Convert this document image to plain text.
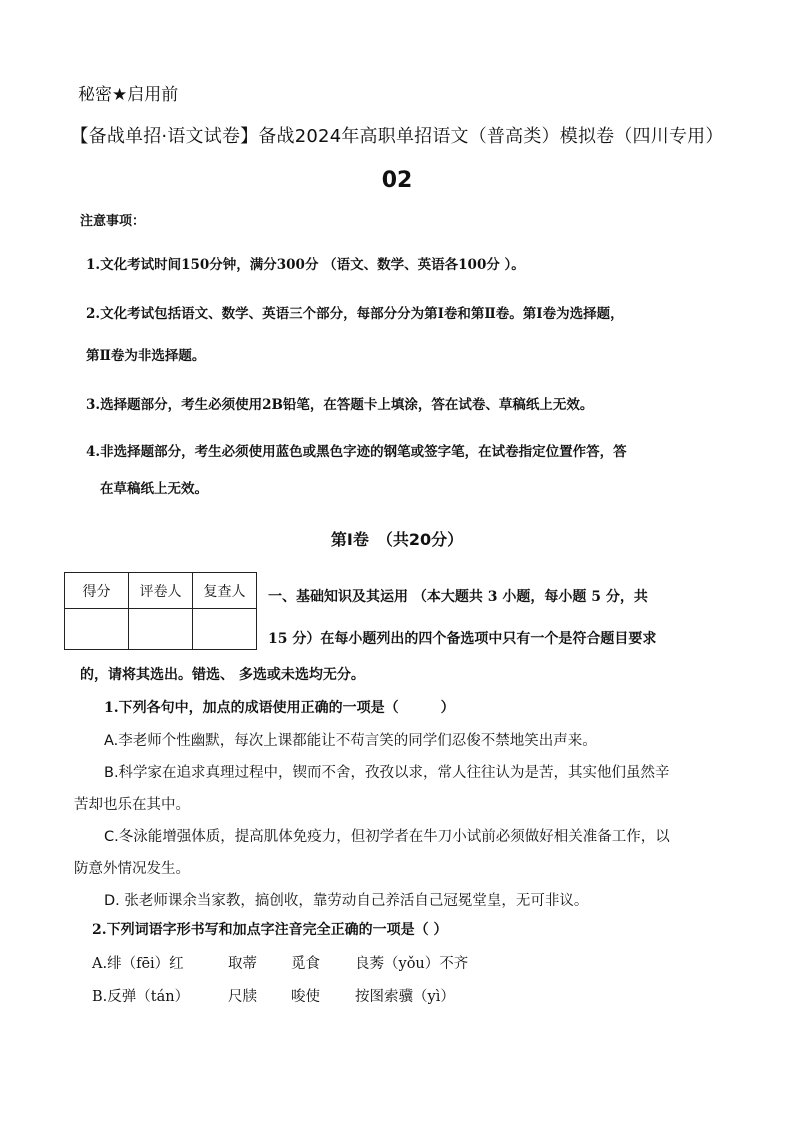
秘密★启用前
【备战单招·语文试卷】备战2024年高职单招语文（普高类）模拟卷（四川专用）
02
注意事项：
1.文化考试时间150分钟，满分300分 （语文、数学、英语各100分 ）。
2.文化考试包括语文、数学、英语三个部分，每部分分为第Ⅰ卷和第Ⅱ卷。第Ⅰ卷为选择题，
第Ⅱ卷为非选择题。
3.选择题部分，考生必须使用2B铅笔，在答题卡上填涂，答在试卷、草稿纸上无效。
4.非选择题部分，考生必须使用蓝色或黑色字迹的钢笔或签字笔，在试卷指定位置作答，答
在草稿纸上无效。
第Ⅰ卷　（共20分）
得分	评卷人	复查人
		一、基础知识及其运用 （本大题共 3 小题，每小题 5 分，共
15 分）在每小题列出的四个备选项中只有一个是符合题目要求
的，请将其选出。错选、 多选或未选均无分。
1.下列各句中，加点的成语使用正确的一项是（　　　）
A.李老师个性幽默，每次上课都能让不苟言笑的同学们忍俊不禁地笑出声来。
B.科学家在追求真理过程中，锲而不舍，孜孜以求，常人往往认为是苦，其实他们虽然辛
苦却也乐在其中。
C.冬泳能增强体质，提高肌体免疫力，但初学者在牛刀小试前必须做好相关准备工作，以
防意外情况发生。
D. 张老师课余当家教，搞创收，靠劳动自己养活自己冠冕堂皇，无可非议。
2.下列词语字形书写和加点字注音完全正确的一项是（ ）
A.绯（fēi）红	取蒂 觅食 良莠（yǒu）不齐
B.反弹（tán）	尺牍 唆使 按图索骥（yì）
